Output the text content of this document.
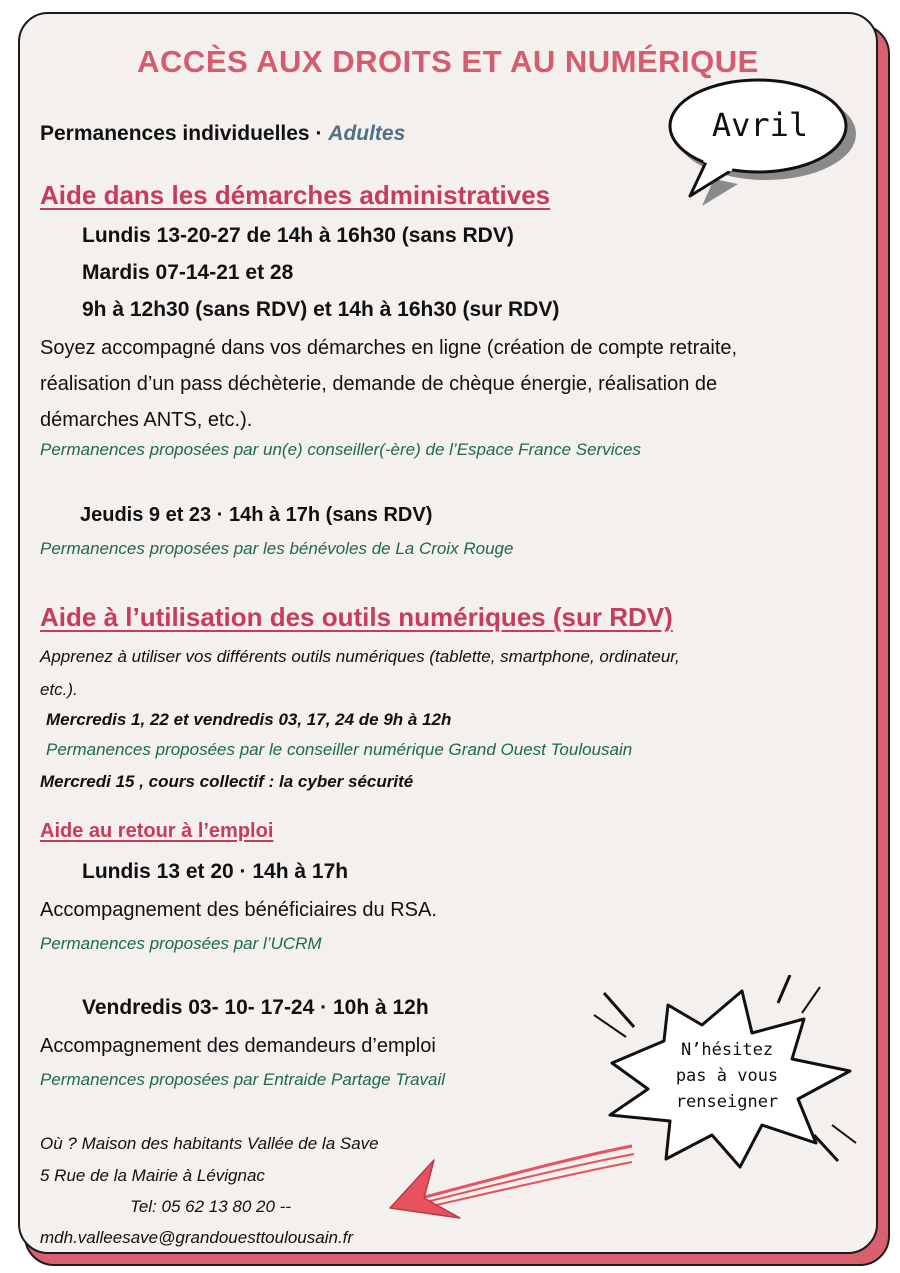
ACCÈS AUX DROITS ET AU NUMÉRIQUE
Permanences individuelles · Adultes
Aide dans les démarches administratives
Lundis 13-20-27 de 14h à 16h30 (sans RDV)
Mardis 07-14-21 et 28
9h à 12h30 (sans RDV) et 14h à 16h30 (sur RDV)
Soyez accompagné dans vos démarches en ligne (création de compte retraite,
réalisation d’un pass déchèterie, demande de chèque énergie, réalisation de
démarches ANTS, etc.).
Permanences proposées par un(e) conseiller(-ère) de l’Espace France Services
Jeudis 9 et 23 · 14h à 17h (sans RDV)
Permanences proposées par les bénévoles de La Croix Rouge
Aide à l’utilisation des outils numériques (sur RDV)
Apprenez à utiliser vos différents outils numériques (tablette, smartphone, ordinateur,
etc.).
Mercredis 1, 22 et vendredis 03, 17, 24 de 9h à 12h
Permanences proposées par le conseiller numérique Grand Ouest Toulousain
Mercredi 15 , cours collectif : la cyber sécurité
Aide au retour à l’emploi
Lundis 13 et 20 · 14h à 17h
Accompagnement des bénéficiaires du RSA.
Permanences proposées par l’UCRM
Vendredis 03- 10- 17-24 · 10h à 12h
Accompagnement des demandeurs d’emploi
Permanences proposées par Entraide Partage Travail
Où ? Maison des habitants Vallée de la Save
5 Rue de la Mairie à Lévignac
Tel: 05 62 13 80 20 --
mdh.valleesave@grandouesttoulousain.fr
Avril
N’hésitez
pas à vous
renseigner
